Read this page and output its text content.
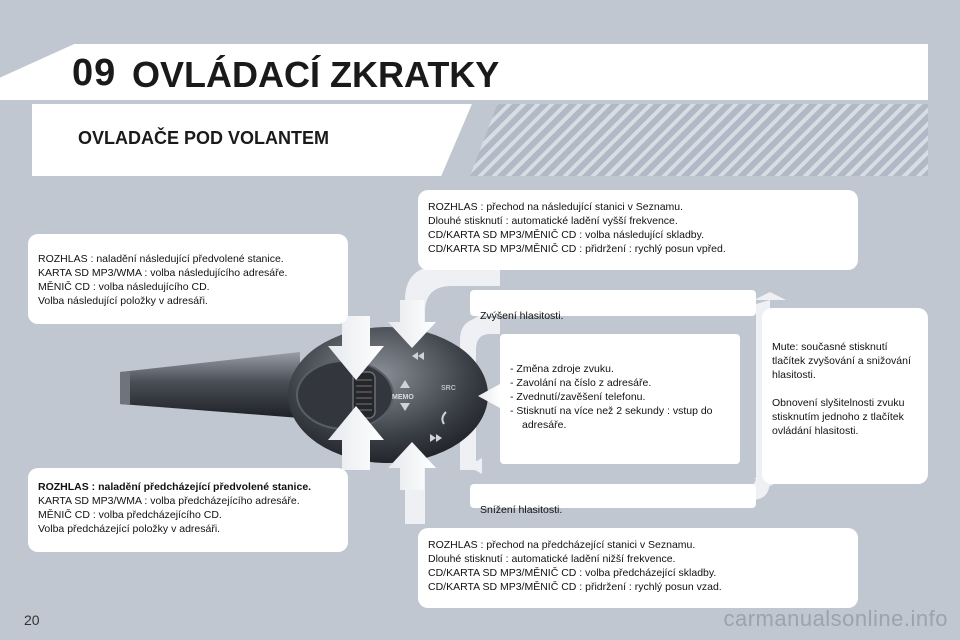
09 OVLÁDACÍ ZKRATKY
OVLADAČE POD VOLANTEM
MEMO
SRC

ROZHLAS : přechod na následující stanici v Seznamu.

Dlouhé stisknutí : automatické ladění vyšší frekvence.

CD/KARTA SD MP3/MĚNIČ CD : volba následující skladby.

CD/KARTA SD MP3/MĚNIČ CD : přidržení : rychlý posun vpřed.

ROZHLAS : naladění následující předvolené stanice.

KARTA SD MP3/WMA : volba následujícího adresáře.

MĚNIČ CD : volba následujícího CD.

Volba následující položky v adresáři.

ROZHLAS : naladění předcházející předvolené stanice.

KARTA SD MP3/WMA : volba předcházejícího adresáře.

MĚNIČ CD : volba předcházejícího CD.

Volba předcházející položky v adresáři.

Zvýšení hlasitosti.

- Změna zdroje zvuku.
- Zavolání na číslo z adresáře.
- Zvednutí/zavěšení telefonu.
- Stisknutí na více než 2 sekundy : vstup do adresáře.

Snížení hlasitosti.

Mute: současné stisknutí tlačítek zvyšování a snižování hlasitosti.

Obnovení slyšitelnosti zvuku stisknutím jednoho z tlačítek ovládání hlasitosti.

ROZHLAS : přechod na předcházející stanici v Seznamu.

Dlouhé stisknutí : automatické ladění nižší frekvence.

CD/KARTA SD MP3/MĚNIČ CD : volba předcházející skladby.

CD/KARTA SD MP3/MĚNIČ CD : přidržení : rychlý posun vzad.

20	carmanualsonline.info
